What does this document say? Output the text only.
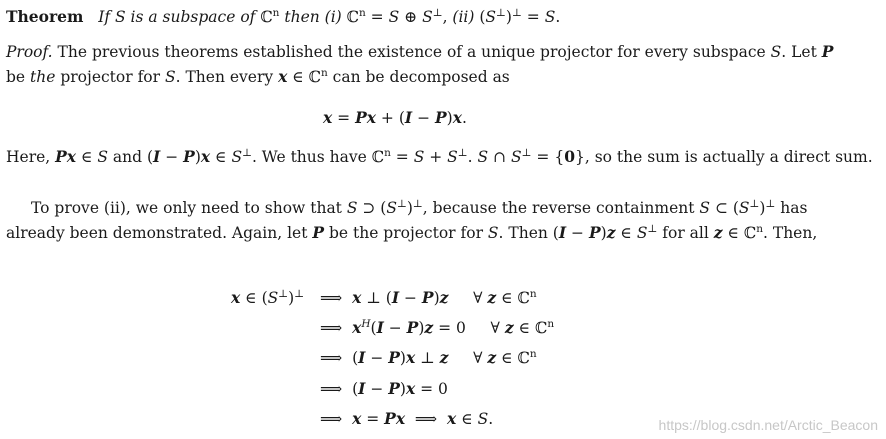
Theorem If S is a subspace of ℂ$^n$ then (i) ℂ$^n$ = S ⊕ S⊥, (ii) (S⊥)⊥ = S.
Proof. The previous theorems established the existence of a unique projector for every subspace S. Let P
be the projector for S. Then every x ∈ ℂ$^n$ can be decomposed as
x = Px + (I − P)x.
Here, Px ∈ S and (I − P)x ∈ S⊥. We thus have ℂ$^n$ = S + S⊥. S ∩ S⊥ = {0}, so the sum is actually a direct sum.
To prove (ii), we only need to show that S ⊃ (S⊥)⊥, because the reverse containment S ⊂ (S⊥)⊥ has
already been demonstrated. Again, let P be the projector for S. Then (I − P)z ∈ S⊥ for all z ∈ ℂ$^n$. Then,
x ∈ (S⊥)⊥ ⟹  x ⊥ (I − P)z     ∀ z ∈ ℂ$^n$
⟹  $x^H(I - P)z = 0$     ∀ z ∈ ℂ$^n$
⟹  (I − P)x ⊥ z     ∀ z ∈ ℂ$^n$
⟹  (I − P)x = 0
⟹  x = Px  ⟹  x ∈ S.	https://blog.csdn.net/Arctic_Beacon
